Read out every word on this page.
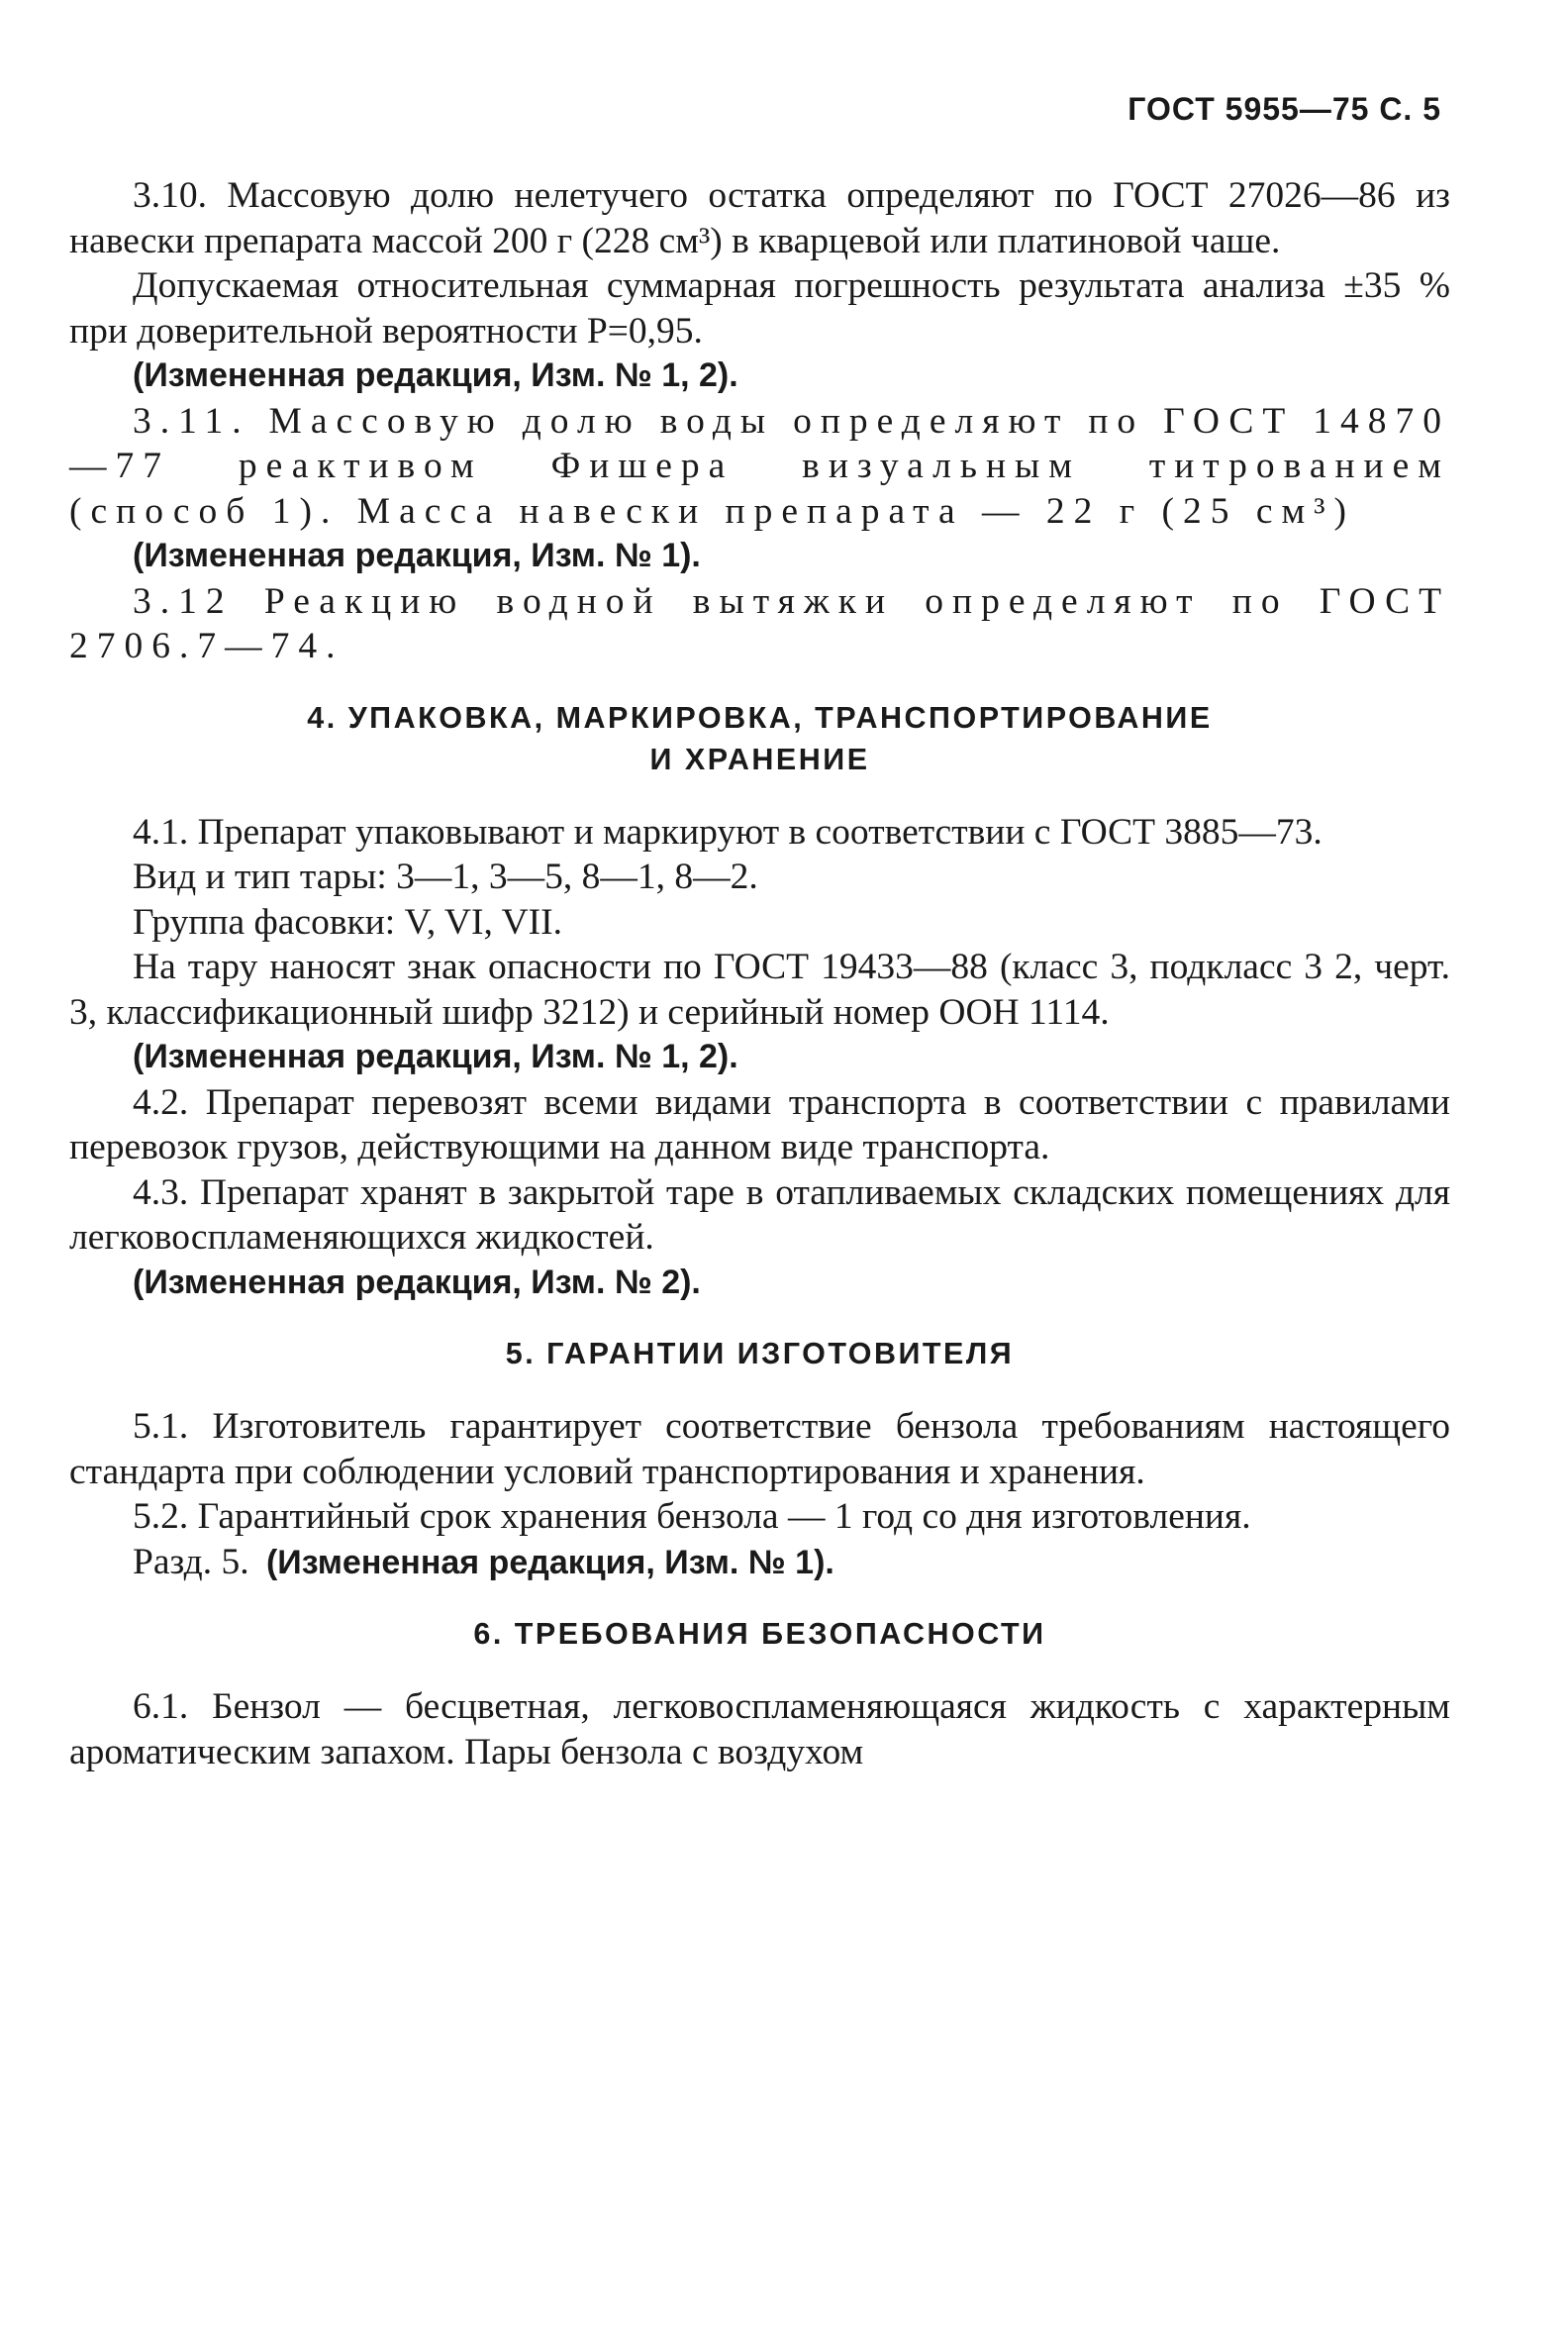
ГОСТ 5955—75 С. 5

3.10. Массовую долю нелетучего остатка определяют по ГОСТ 27026—86 из навески препарата массой 200 г (228 см³) в кварцевой или платиновой чаше.

Допускаемая относительная суммарная погрешность результата анализа ±35 % при доверительной вероятности P=0,95.

(Измененная редакция, Изм. № 1, 2).

3.11. Массовую долю воды определяют по ГОСТ 14870—77 реактивом Фишера визуальным титрованием (способ 1). Масса навески препарата — 22 г (25 см³)

(Измененная редакция, Изм. № 1).

3.12 Реакцию водной вытяжки определяют по ГОСТ 2706.7—74.

4. УПАКОВКА, МАРКИРОВКА, ТРАНСПОРТИРОВАНИЕ

И ХРАНЕНИЕ

4.1. Препарат упаковывают и маркируют в соответствии с ГОСТ 3885—73.

Вид и тип тары: 3—1, 3—5, 8—1, 8—2.

Группа фасовки: V, VI, VII.

На тару наносят знак опасности по ГОСТ 19433—88 (класс 3, подкласс 3 2, черт. 3, классификационный шифр 3212) и серийный номер ООН 1114.

(Измененная редакция, Изм. № 1, 2).

4.2. Препарат перевозят всеми видами транспорта в соответствии с правилами перевозок грузов, действующими на данном виде транспорта.

4.3. Препарат хранят в закрытой таре в отапливаемых складских помещениях для легковоспламеняющихся жидкостей.

(Измененная редакция, Изм. № 2).

5. ГАРАНТИИ ИЗГОТОВИТЕЛЯ

5.1. Изготовитель гарантирует соответствие бензола требованиям настоящего стандарта при соблюдении условий транспортирования и хранения.

5.2. Гарантийный срок хранения бензола — 1 год со дня изготовления.

Разд. 5. (Измененная редакция, Изм. № 1).

6. ТРЕБОВАНИЯ БЕЗОПАСНОСТИ

6.1. Бензол — бесцветная, легковоспламеняющаяся жидкость с характерным ароматическим запахом. Пары бензола с воздухом
